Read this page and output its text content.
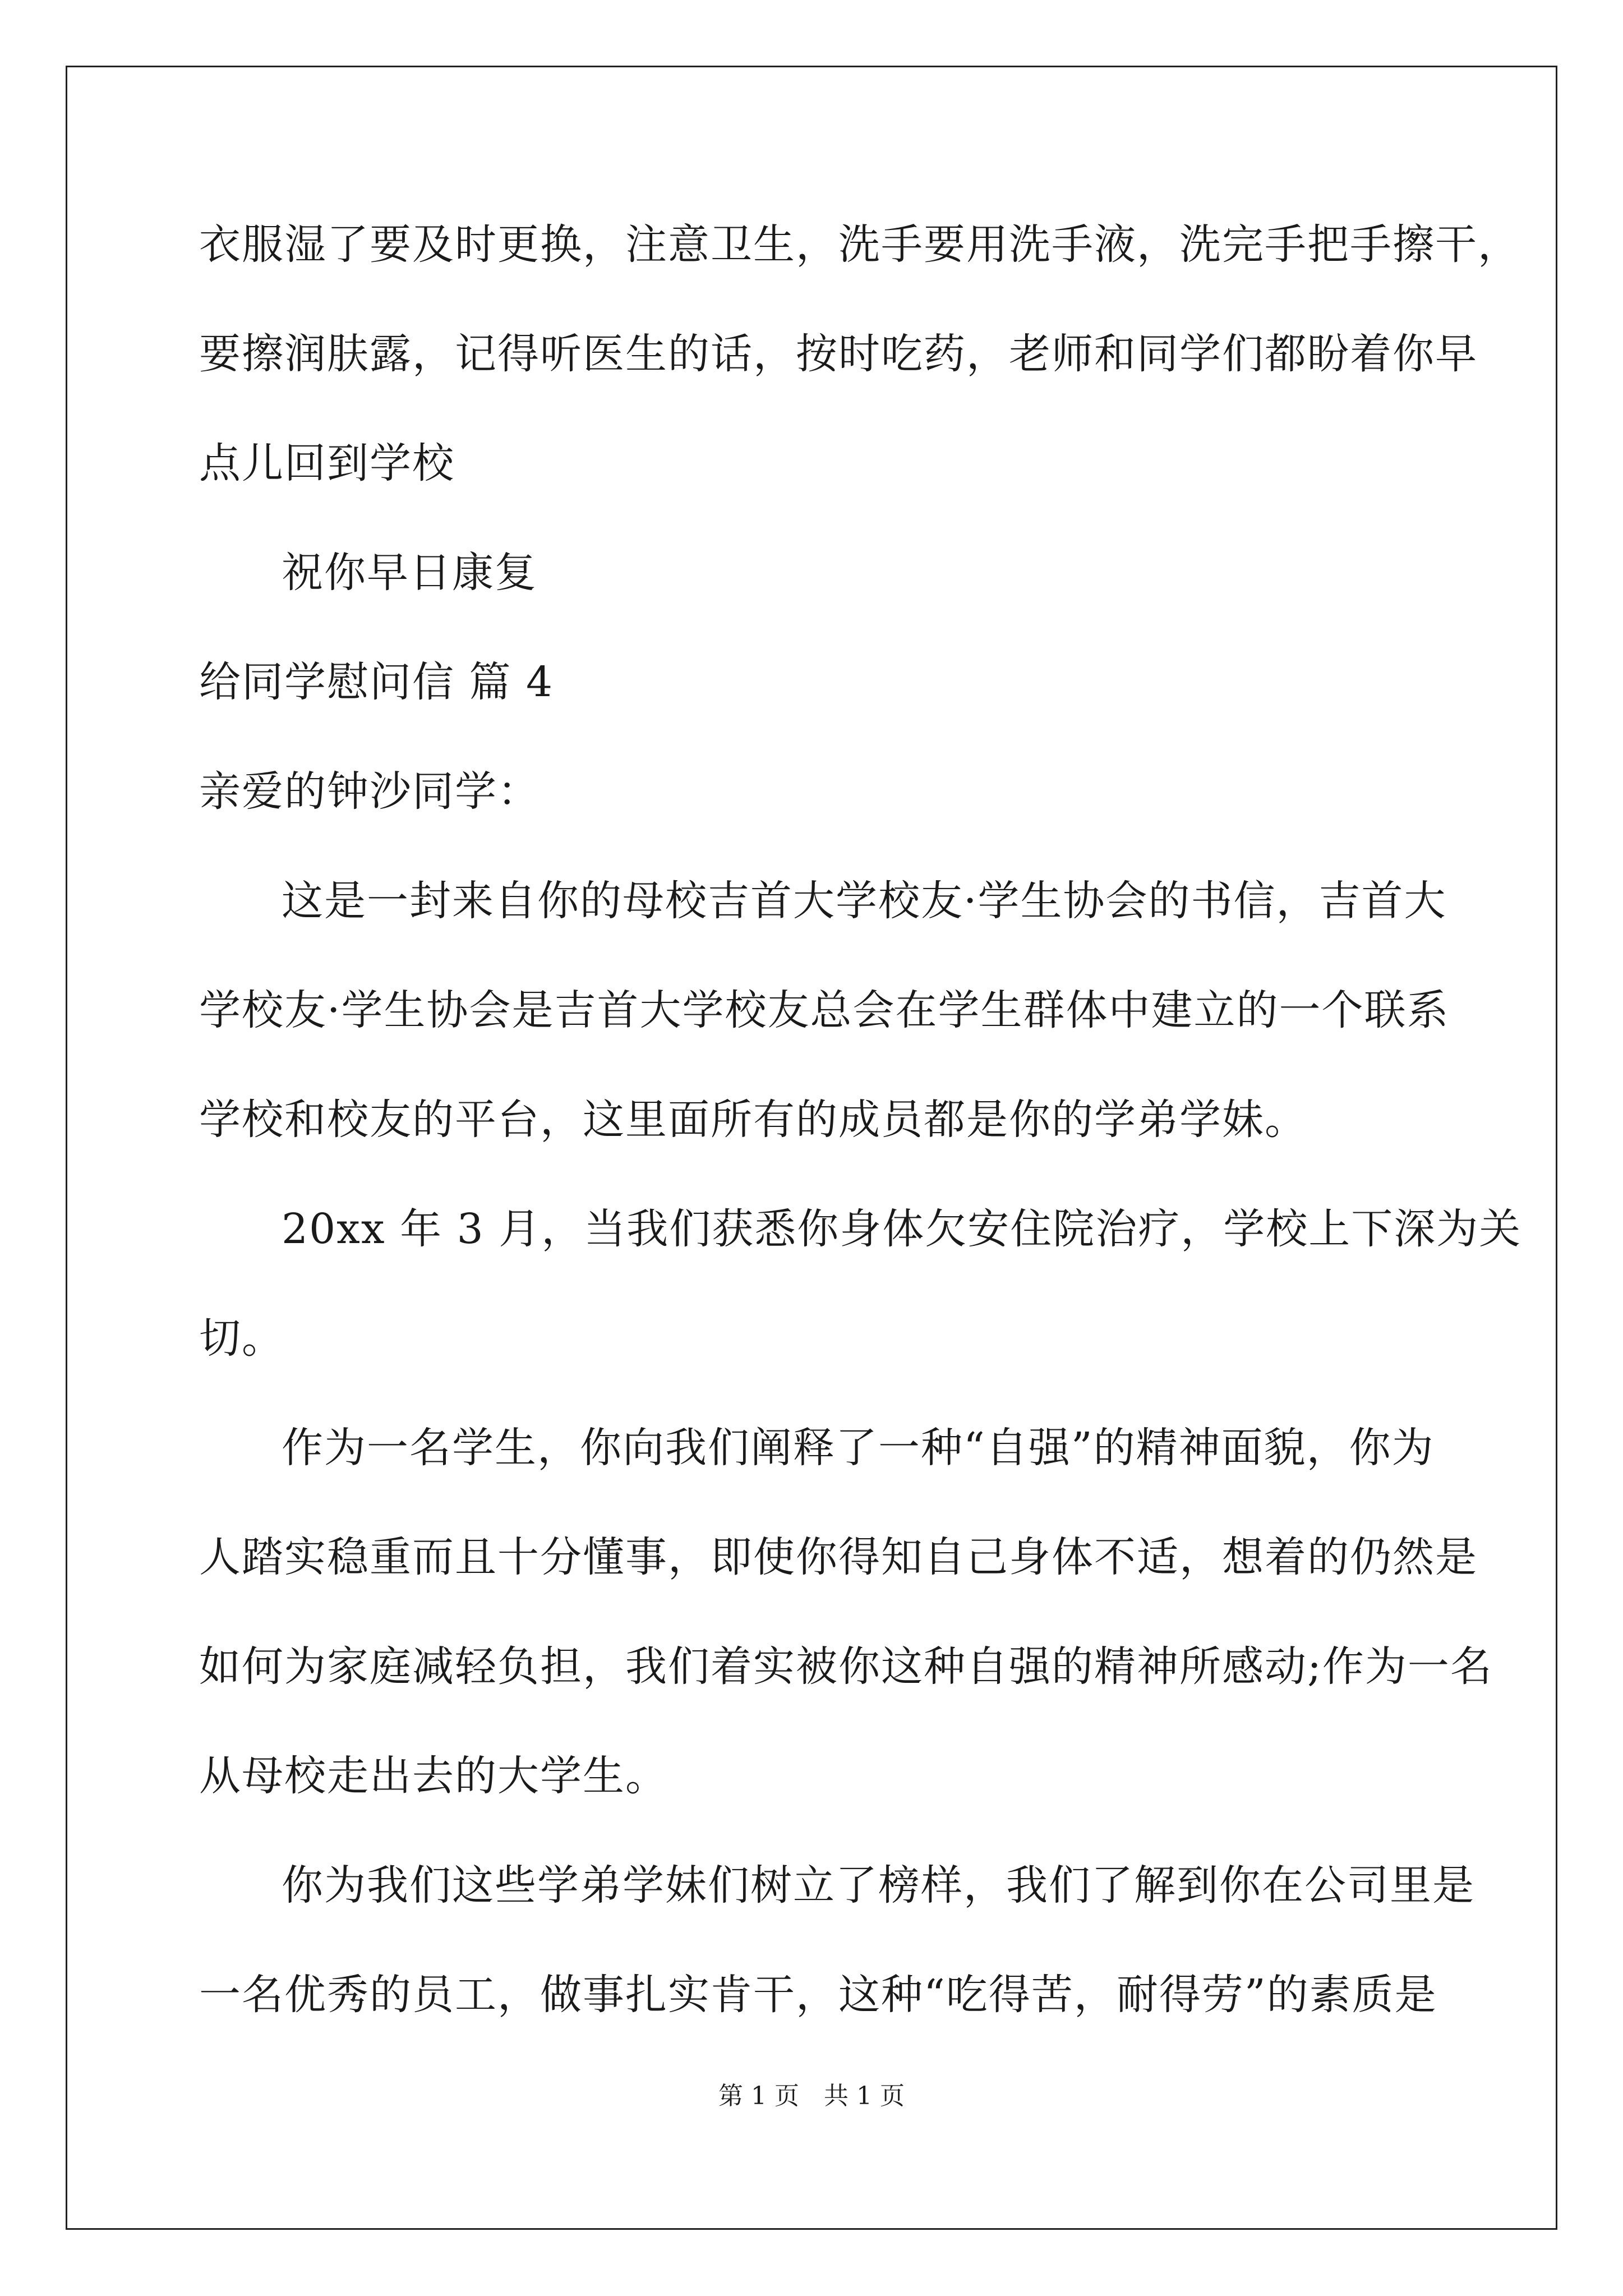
衣服湿了要及时更换，注意卫生，洗手要用洗手液，洗完手把手擦干，
要擦润肤露，记得听医生的话，按时吃药，老师和同学们都盼着你早
点儿回到学校
祝你早日康复
给同学慰问信 篇 4
亲爱的钟沙同学：
这是一封来自你的母校吉首大学校友·学生协会的书信，吉首大
学校友·学生协会是吉首大学校友总会在学生群体中建立的一个联系
学校和校友的平台，这里面所有的成员都是你的学弟学妹。
20xx 年 3 月，当我们获悉你身体欠安住院治疗，学校上下深为关
切。
作为一名学生，你向我们阐释了一种“自强”的精神面貌，你为
人踏实稳重而且十分懂事，即使你得知自己身体不适，想着的仍然是
如何为家庭减轻负担，我们着实被你这种自强的精神所感动;作为一名
从母校走出去的大学生。
你为我们这些学弟学妹们树立了榜样，我们了解到你在公司里是
一名优秀的员工，做事扎实肯干，这种“吃得苦，耐得劳”的素质是
第 1 页　共 1 页
